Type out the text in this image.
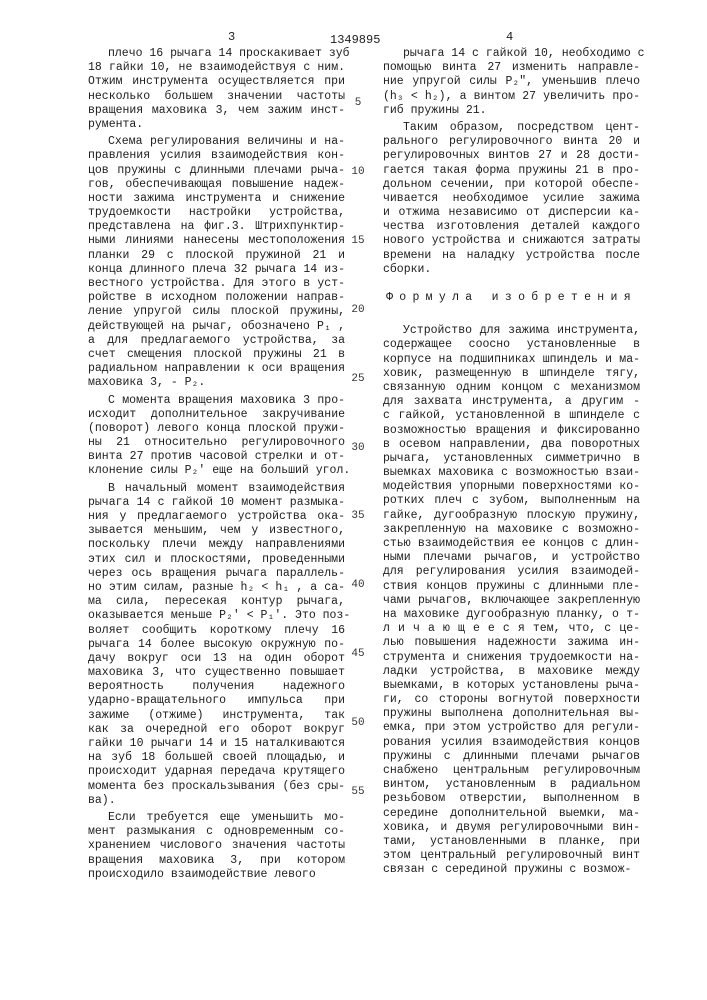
3	1349895	4
5
10
15
20
25
30
35
40
45
50
55
плечо 16 рычага 14 проскакивает зуб
18 гайки 10, не взаимодействуя с ним.
Отжим инструмента осуществляется при
несколько большем значении частоты
вращения маховика 3, чем зажим инст-
румента.
Схема регулирования величины и на-
правления усилия взаимодействия кон-
цов пружины с длинными плечами рыча-
гов, обеспечивающая повышение надеж-
ности зажима инструмента и снижение
трудоемкости настройки устройства,
представлена на фиг.3. Штрихпунктир-
ными линиями нанесены местоположения
планки 29 с плоской пружиной 21 и
конца длинного плеча 32 рычага 14 из-
вестного устройства. Для этого в уст-
ройстве в исходном положении направ-
ление упругой силы плоской пружины,
действующей на рычаг, обозначено P₁ ,
а для предлагаемого устройства, за
счет смещения плоской пружины 21 в
радиальном направлении к оси вращения
маховика 3, - P₂.
С момента вращения маховика 3 про-
исходит дополнительное закручивание
(поворот) левого конца плоской пружи-
ны 21 относительно регулировочного
винта 27 против часовой стрелки и от-
клонение силы P₂′ еще на больший угол.
В начальный момент взаимодействия
рычага 14 с гайкой 10 момент размыка-
ния у предлагаемого устройства ока-
зывается меньшим, чем у известного,
поскольку плечи между направлениями
этих сил и плоскостями, проведенными
через ось вращения рычага параллель-
но этим силам, разные h₂ < h₁ , а са-
ма сила, пересекая контур рычага,
оказывается меньше P₂′ < P₁′. Это поз-
воляет сообщить короткому плечу 16
рычага 14 более высокую окружную по-
дачу вокруг оси 13 на один оборот
маховика 3, что существенно повышает
вероятность получения надежного
ударно-вращательного импульса при
зажиме (отжиме) инструмента, так
как за очередной его оборот вокруг
гайки 10 рычаги 14 и 15 наталкиваются
на зуб 18 большей своей площадью, и
происходит ударная передача крутящего
момента без проскальзывания (без сры-
ва).
Если требуется еще уменьшить мо-
мент размыкания с одновременным со-
хранением числового значения частоты
вращения маховика 3, при котором
происходило взаимодействие левого
рычага 14 с гайкой 10, необходимо с
помощью винта 27 изменить направле-
ние упругой силы P₂″, уменьшив плечо
(h₃ < h₂), а винтом 27 увеличить про-
гиб пружины 21.
Таким образом, посредством цент-
рального регулировочного винта 20 и
регулировочных винтов 27 и 28 дости-
гается такая форма пружины 21 в про-
дольном сечении, при которой обеспе-
чивается необходимое усилие зажима
и отжима независимо от дисперсии ка-
чества изготовления деталей каждого
нового устройства и снижаются затраты
времени на наладку устройства после
сборки.
Формула изобретения
Устройство для зажима инструмента,
содержащее соосно установленные в
корпусе на подшипниках шпиндель и ма-
ховик, размещенную в шпинделе тягу,
связанную одним концом с механизмом
для захвата инструмента, а другим -
с гайкой, установленной в шпинделе с
возможностью вращения и фиксированно
в осевом направлении, два поворотных
рычага, установленных симметрично в
выемках маховика с возможностью взаи-
модействия упорными поверхностями ко-
ротких плеч с зубом, выполненным на
гайке, дугообразную плоскую пружину,
закрепленную на маховике с возможно-
стью взаимодействия ее концов с длин-
ными плечами рычагов, и устройство
для регулирования усилия взаимодей-
ствия концов пружины с длинными пле-
чами рычагов, включающее закрепленную
на маховике дугообразную планку, о т-
л и ч а ю щ е е с я тем, что, с це-
лью повышения надежности зажима ин-
струмента и снижения трудоемкости на-
ладки устройства, в маховике между
выемками, в которых установлены рыча-
ги, со стороны вогнутой поверхности
пружины выполнена дополнительная вы-
емка, при этом устройство для регули-
рования усилия взаимодействия концов
пружины с длинными плечами рычагов
снабжено центральным регулировочным
винтом, установленным в радиальном
резьбовом отверстии, выполненном в
середине дополнительной выемки, ма-
ховика, и двумя регулировочными вин-
тами, установленными в планке, при
этом центральный регулировочный винт
связан с серединой пружины с возмож-
